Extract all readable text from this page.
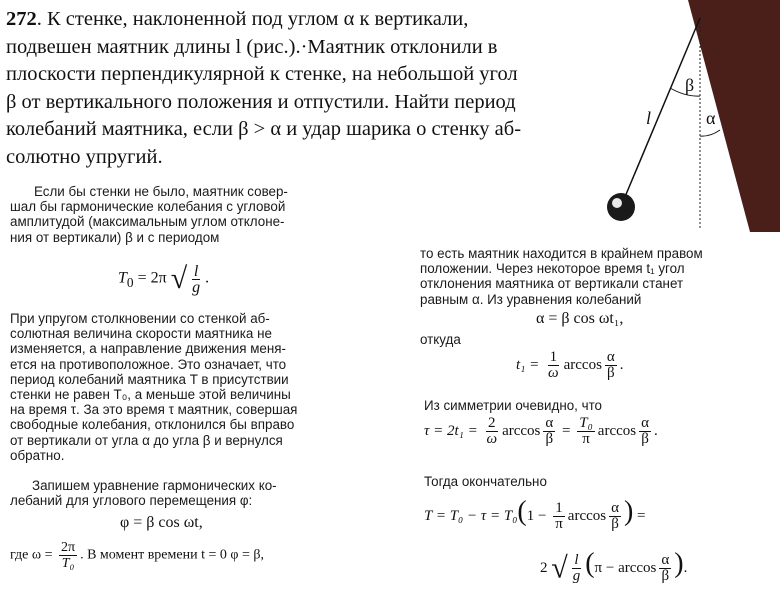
272. К стенке, наклоненной под углом α к вертикали,
подвешен маятник длины l (рис.).·Маятник отклонили в
плоскости перпендикулярной к стенке, на небольшой угол
β от вертикального положения и отпустили. Найти период
колебаний маятника, если β > α и удар шарика о стенку аб-
солютно упругий.
l
β
α
Если бы стенки не было, маятник совер-
шал бы гармонические колебания с угловой
амплитудой (максимальным углом отклоне-
ния от вертикали) β и с периодом
$T_0 = 2\pi$ √ $\frac{l}{g}$ .
При упругом столкновении со стенкой аб-
солютная величина скорости маятника не
изменяется, а направление движения меня-
ется на противоположное. Это означает, что
период колебаний маятника T в присутствии
стенки не равен T₀, а меньше этой величины
на время τ. За это время τ маятник, совершая
свободные колебания, отклонился бы вправо
от вертикали от угла α до угла β и вернулся
обратно.
Запишем уравнение гармонических ко-
лебаний для углового перемещения φ:
φ = β cos ωt,
где $\omega = \frac{2\pi}{\text{T₀}}$ . В момент времени t = 0 φ = β,
то есть маятник находится в крайнем правом
положении. Через некоторое время t₁ угол
отклонения маятника от вертикали станет
равным α. Из уравнения колебаний
α = β cos ωt₁,
откуда
$t_1 = \frac{1}{\omega}$ $\arccos \frac{\alpha}{\beta}$ .
Из симметрии очевидно, что
$\tau = 2t_1 = \frac{2}{\omega}$ $\arccos \frac{\alpha}{\beta} = \frac{\text{T₀}}{\pi}$ $\arccos \frac{\alpha}{\beta}$ .
Тогда окончательно
$T = T_0 - \tau = T_0(1 - \frac{1}{\pi}$ $\arccos \frac{\alpha}{\beta}$ ) =
2 √ $\frac{l}{g} (\pi - \arccos \frac{\alpha}{\beta}$ ).
